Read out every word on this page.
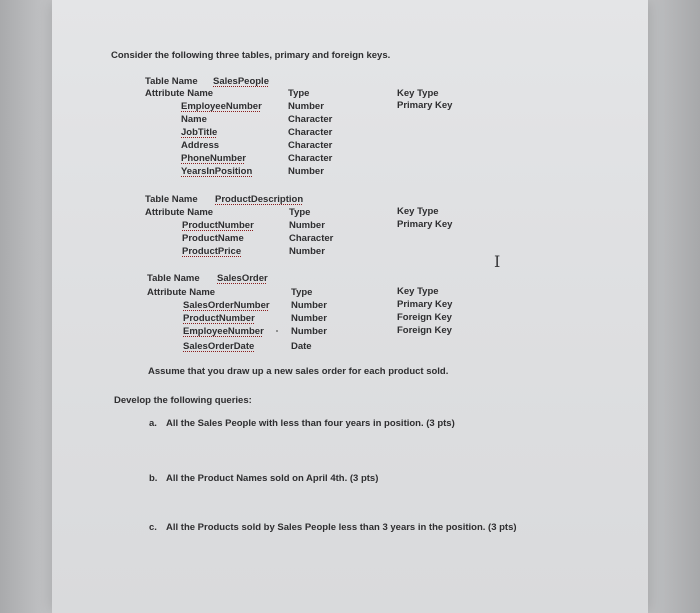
Consider the following three tables, primary and foreign keys.
Table Name SalesPeople
Attribute Name	Type	Key Type
EmployeeNumber	Number	Primary Key
Name	Character
JobTitle	Character
Address	Character
PhoneNumber	Character
YearsInPosition	Number
Table Name ProductDescription
Attribute Name	Type	Key Type
ProductNumber	Number	Primary Key
ProductName	Character
ProductPrice	Number
Table Name SalesOrder
Attribute Name	Type	Key Type
SalesOrderNumber Number	Primary Key
ProductNumber	Number	Foreign Key
EmployeeNumber	Number	Foreign Key
SalesOrderDate	Date
I
Assume that you draw up a new sales order for each product sold.
Develop the following queries:
a. All the Sales People with less than four years in position. (3 pts)
b. All the Product Names sold on April 4th. (3 pts)
c. All the Products sold by Sales People less than 3 years in the position. (3 pts)
